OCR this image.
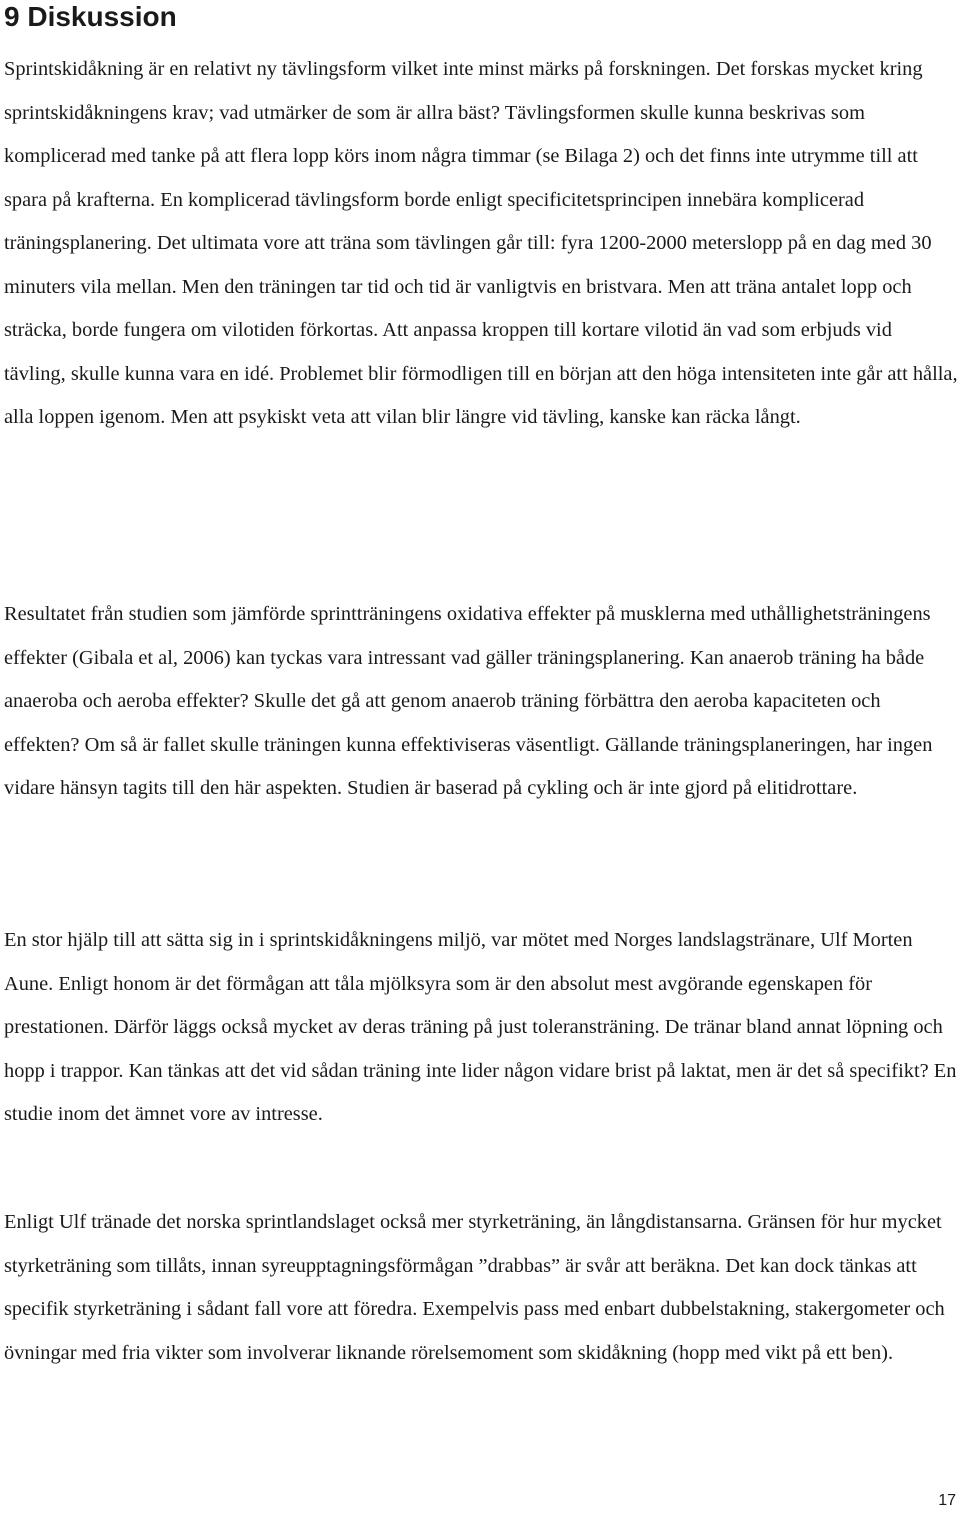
9 Diskussion

Sprintskidåkning är en relativt ny tävlingsform vilket inte minst märks på forskningen. Det forskas mycket kring sprintskidåkningens krav; vad utmärker de som är allra bäst? Tävlingsformen skulle kunna beskrivas som komplicerad med tanke på att flera lopp körs inom några timmar (se Bilaga 2) och det finns inte utrymme till att spara på krafterna. En komplicerad tävlingsform borde enligt specificitetsprincipen innebära komplicerad träningsplanering. Det ultimata vore att träna som tävlingen går till: fyra 1200-2000 meterslopp på en dag med 30 minuters vila mellan. Men den träningen tar tid och tid är vanligtvis en bristvara. Men att träna antalet lopp och sträcka, borde fungera om vilotiden förkortas. Att anpassa kroppen till kortare vilotid än vad som erbjuds vid tävling, skulle kunna vara en idé. Problemet blir förmodligen till en början att den höga intensiteten inte går att hålla, alla loppen igenom. Men att psykiskt veta att vilan blir längre vid tävling, kanske kan räcka långt.

Resultatet från studien som jämförde sprintträningens oxidativa effekter på musklerna med uthållighetsträningens effekter (Gibala et al, 2006) kan tyckas vara intressant vad gäller träningsplanering. Kan anaerob träning ha både anaeroba och aeroba effekter? Skulle det gå att genom anaerob träning förbättra den aeroba kapaciteten och effekten? Om så är fallet skulle träningen kunna effektiviseras väsentligt. Gällande träningsplaneringen, har ingen vidare hänsyn tagits till den här aspekten. Studien är baserad på cykling och är inte gjord på elitidrottare.

En stor hjälp till att sätta sig in i sprintskidåkningens miljö, var mötet med Norges landslagstränare, Ulf Morten Aune. Enligt honom är det förmågan att tåla mjölksyra som är den absolut mest avgörande egenskapen för prestationen. Därför läggs också mycket av deras träning på just toleransträning. De tränar bland annat löpning och hopp i trappor. Kan tänkas att det vid sådan träning inte lider någon vidare brist på laktat, men är det så specifikt? En studie inom det ämnet vore av intresse.

Enligt Ulf tränade det norska sprintlandslaget också mer styrketräning, än långdistansarna. Gränsen för hur mycket styrketräning som tillåts, innan syreupptagningsförmågan ”drabbas” är svår att beräkna. Det kan dock tänkas att specifik styrketräning i sådant fall vore att föredra. Exempelvis pass med enbart dubbelstakning, stakergometer och övningar med fria vikter som involverar liknande rörelsemoment som skidåkning (hopp med vikt på ett ben).

17
